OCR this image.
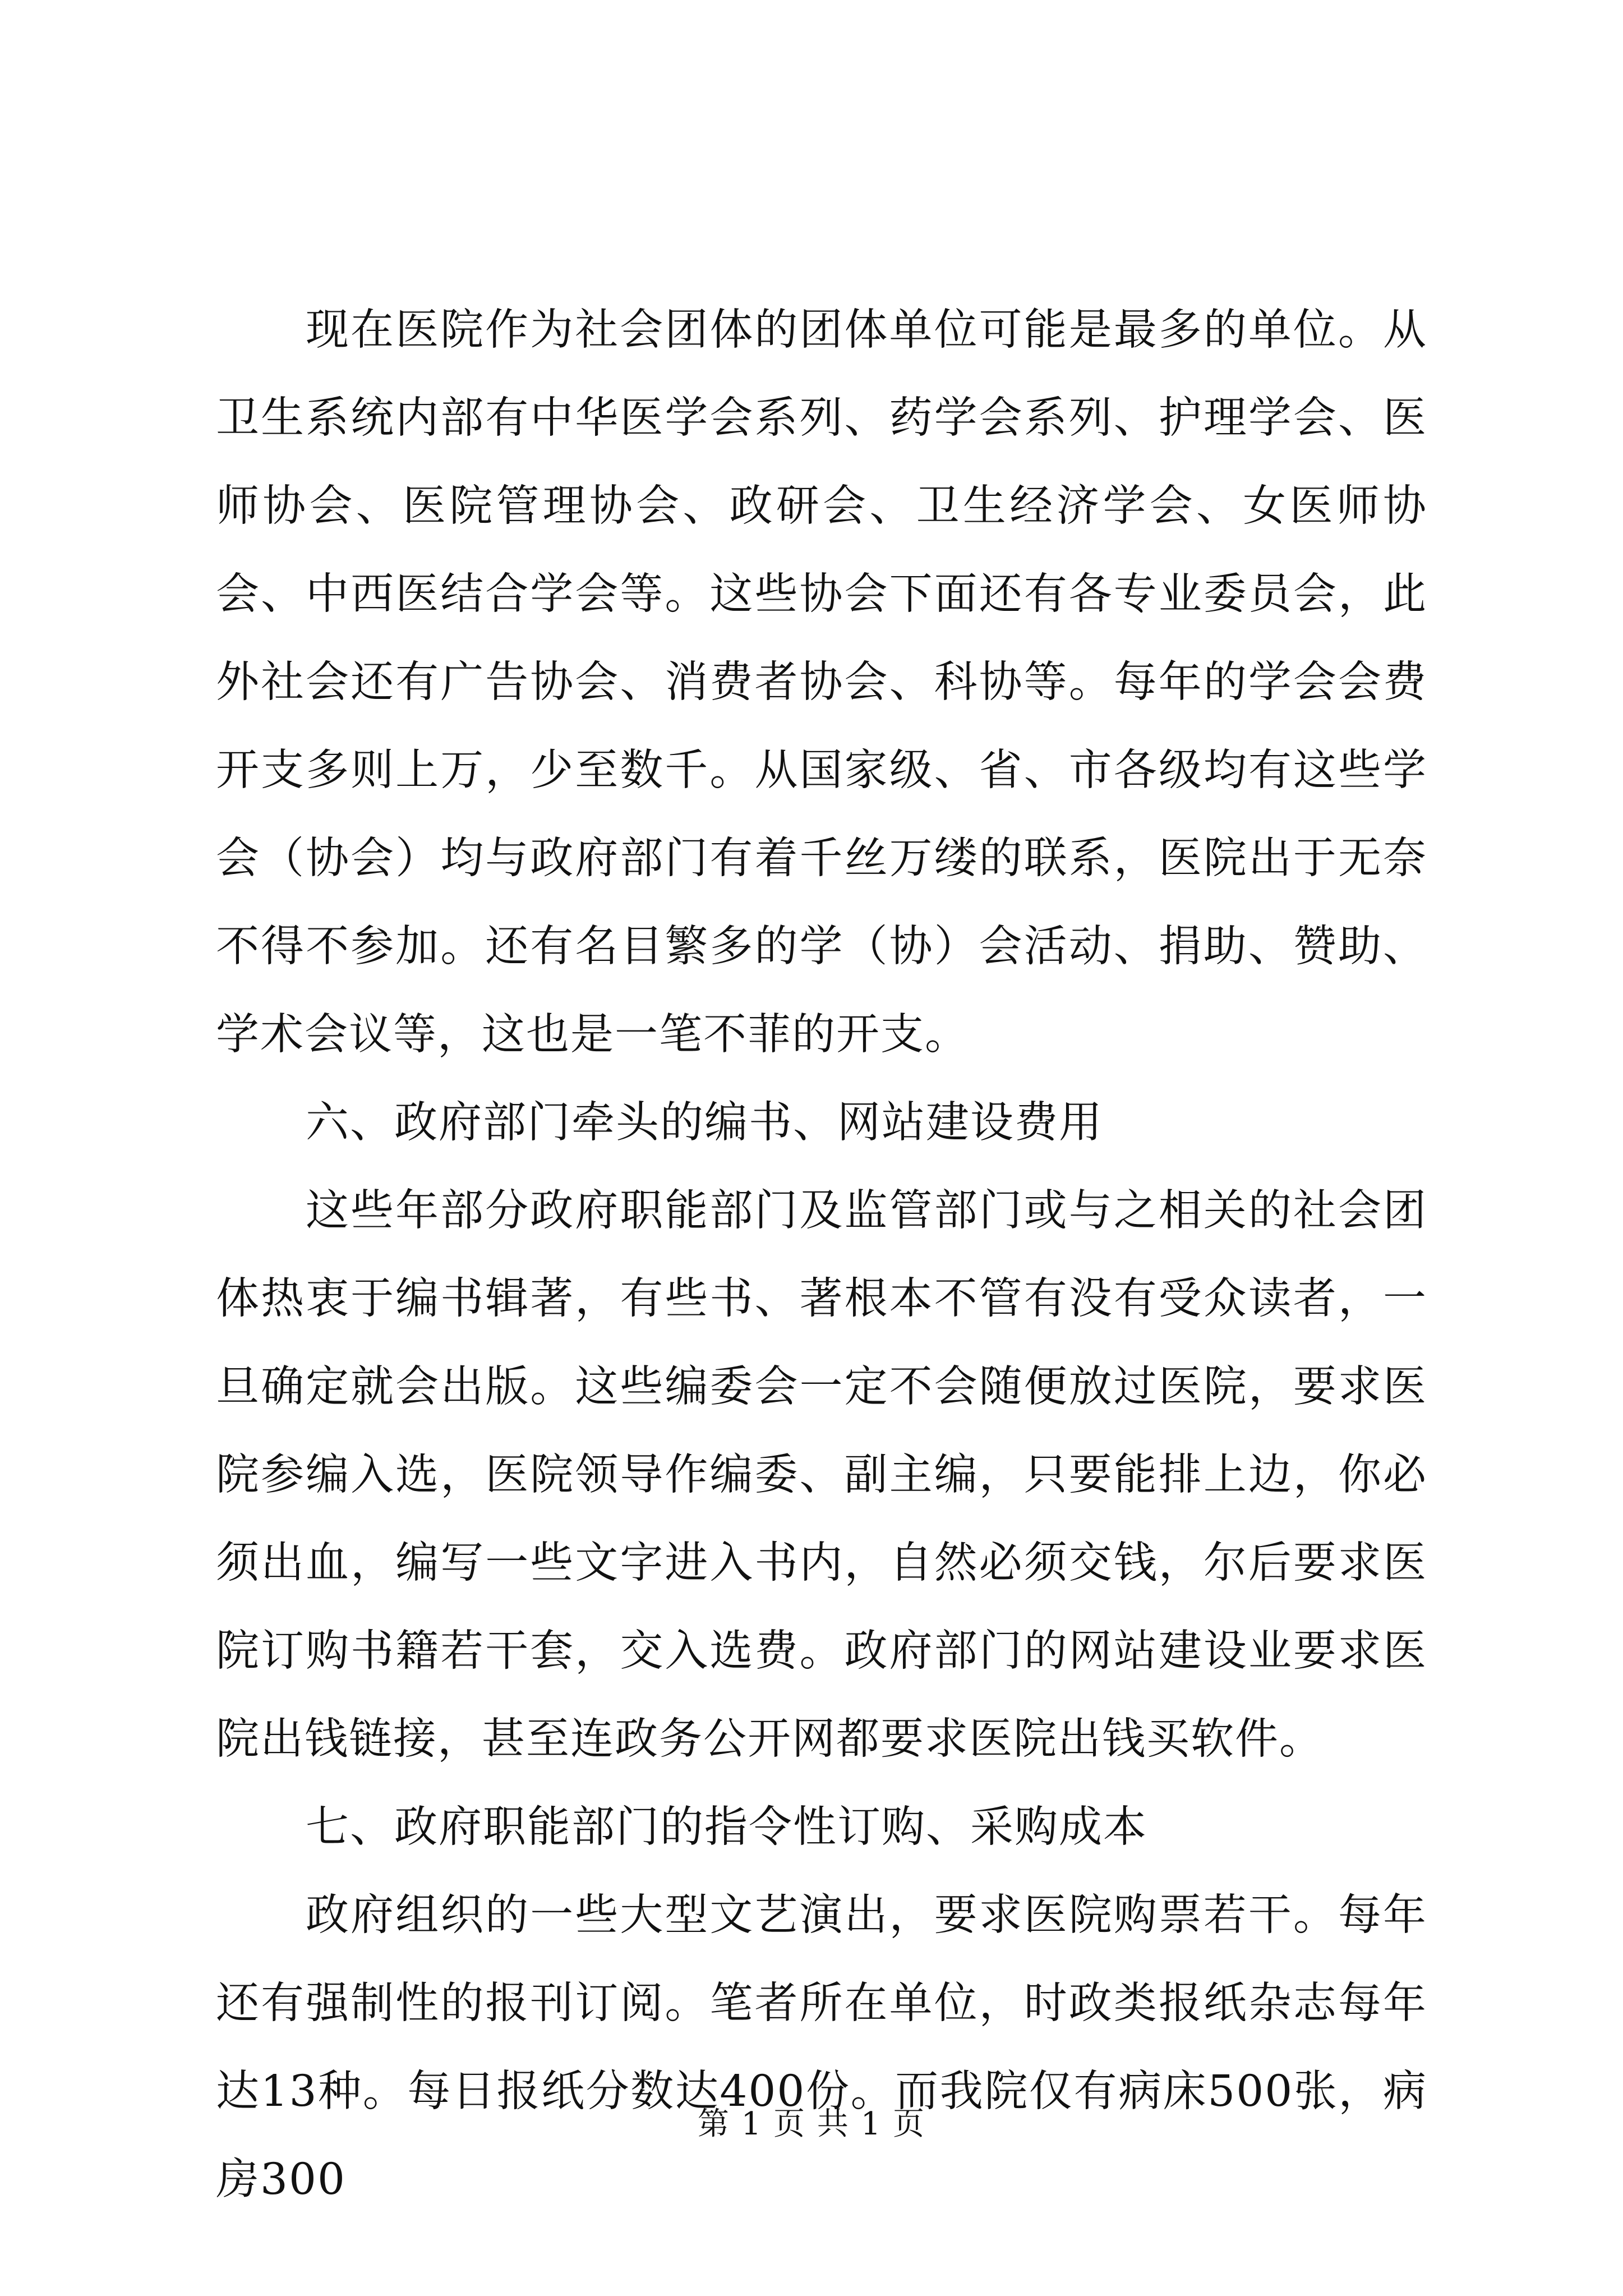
现在医院作为社会团体的团体单位可能是最多的单位。从卫生系统内部有中华医学会系列、药学会系列、护理学会、医师协会、医院管理协会、政研会、卫生经济学会、女医师协会、中西医结合学会等。这些协会下面还有各专业委员会，此外社会还有广告协会、消费者协会、科协等。每年的学会会费开支多则上万，少至数千。从国家级、省、市各级均有这些学会（协会）均与政府部门有着千丝万缕的联系，医院出于无奈不得不参加。还有名目繁多的学（协）会活动、捐助、赞助、学术会议等，这也是一笔不菲的开支。

六、政府部门牵头的编书、网站建设费用

这些年部分政府职能部门及监管部门或与之相关的社会团体热衷于编书辑著，有些书、著根本不管有没有受众读者，一旦确定就会出版。这些编委会一定不会随便放过医院，要求医院参编入选，医院领导作编委、副主编，只要能排上边，你必须出血，编写一些文字进入书内，自然必须交钱，尔后要求医院订购书籍若干套，交入选费。政府部门的网站建设业要求医院出钱链接，甚至连政务公开网都要求医院出钱买软件。

七、政府职能部门的指令性订购、采购成本

政府组织的一些大型文艺演出，要求医院购票若干。每年还有强制性的报刊订阅。笔者所在单位，时政类报纸杂志每年达13种。每日报纸分数达400份。而我院仅有病床500张，病房300

第 1 页 共 1 页
